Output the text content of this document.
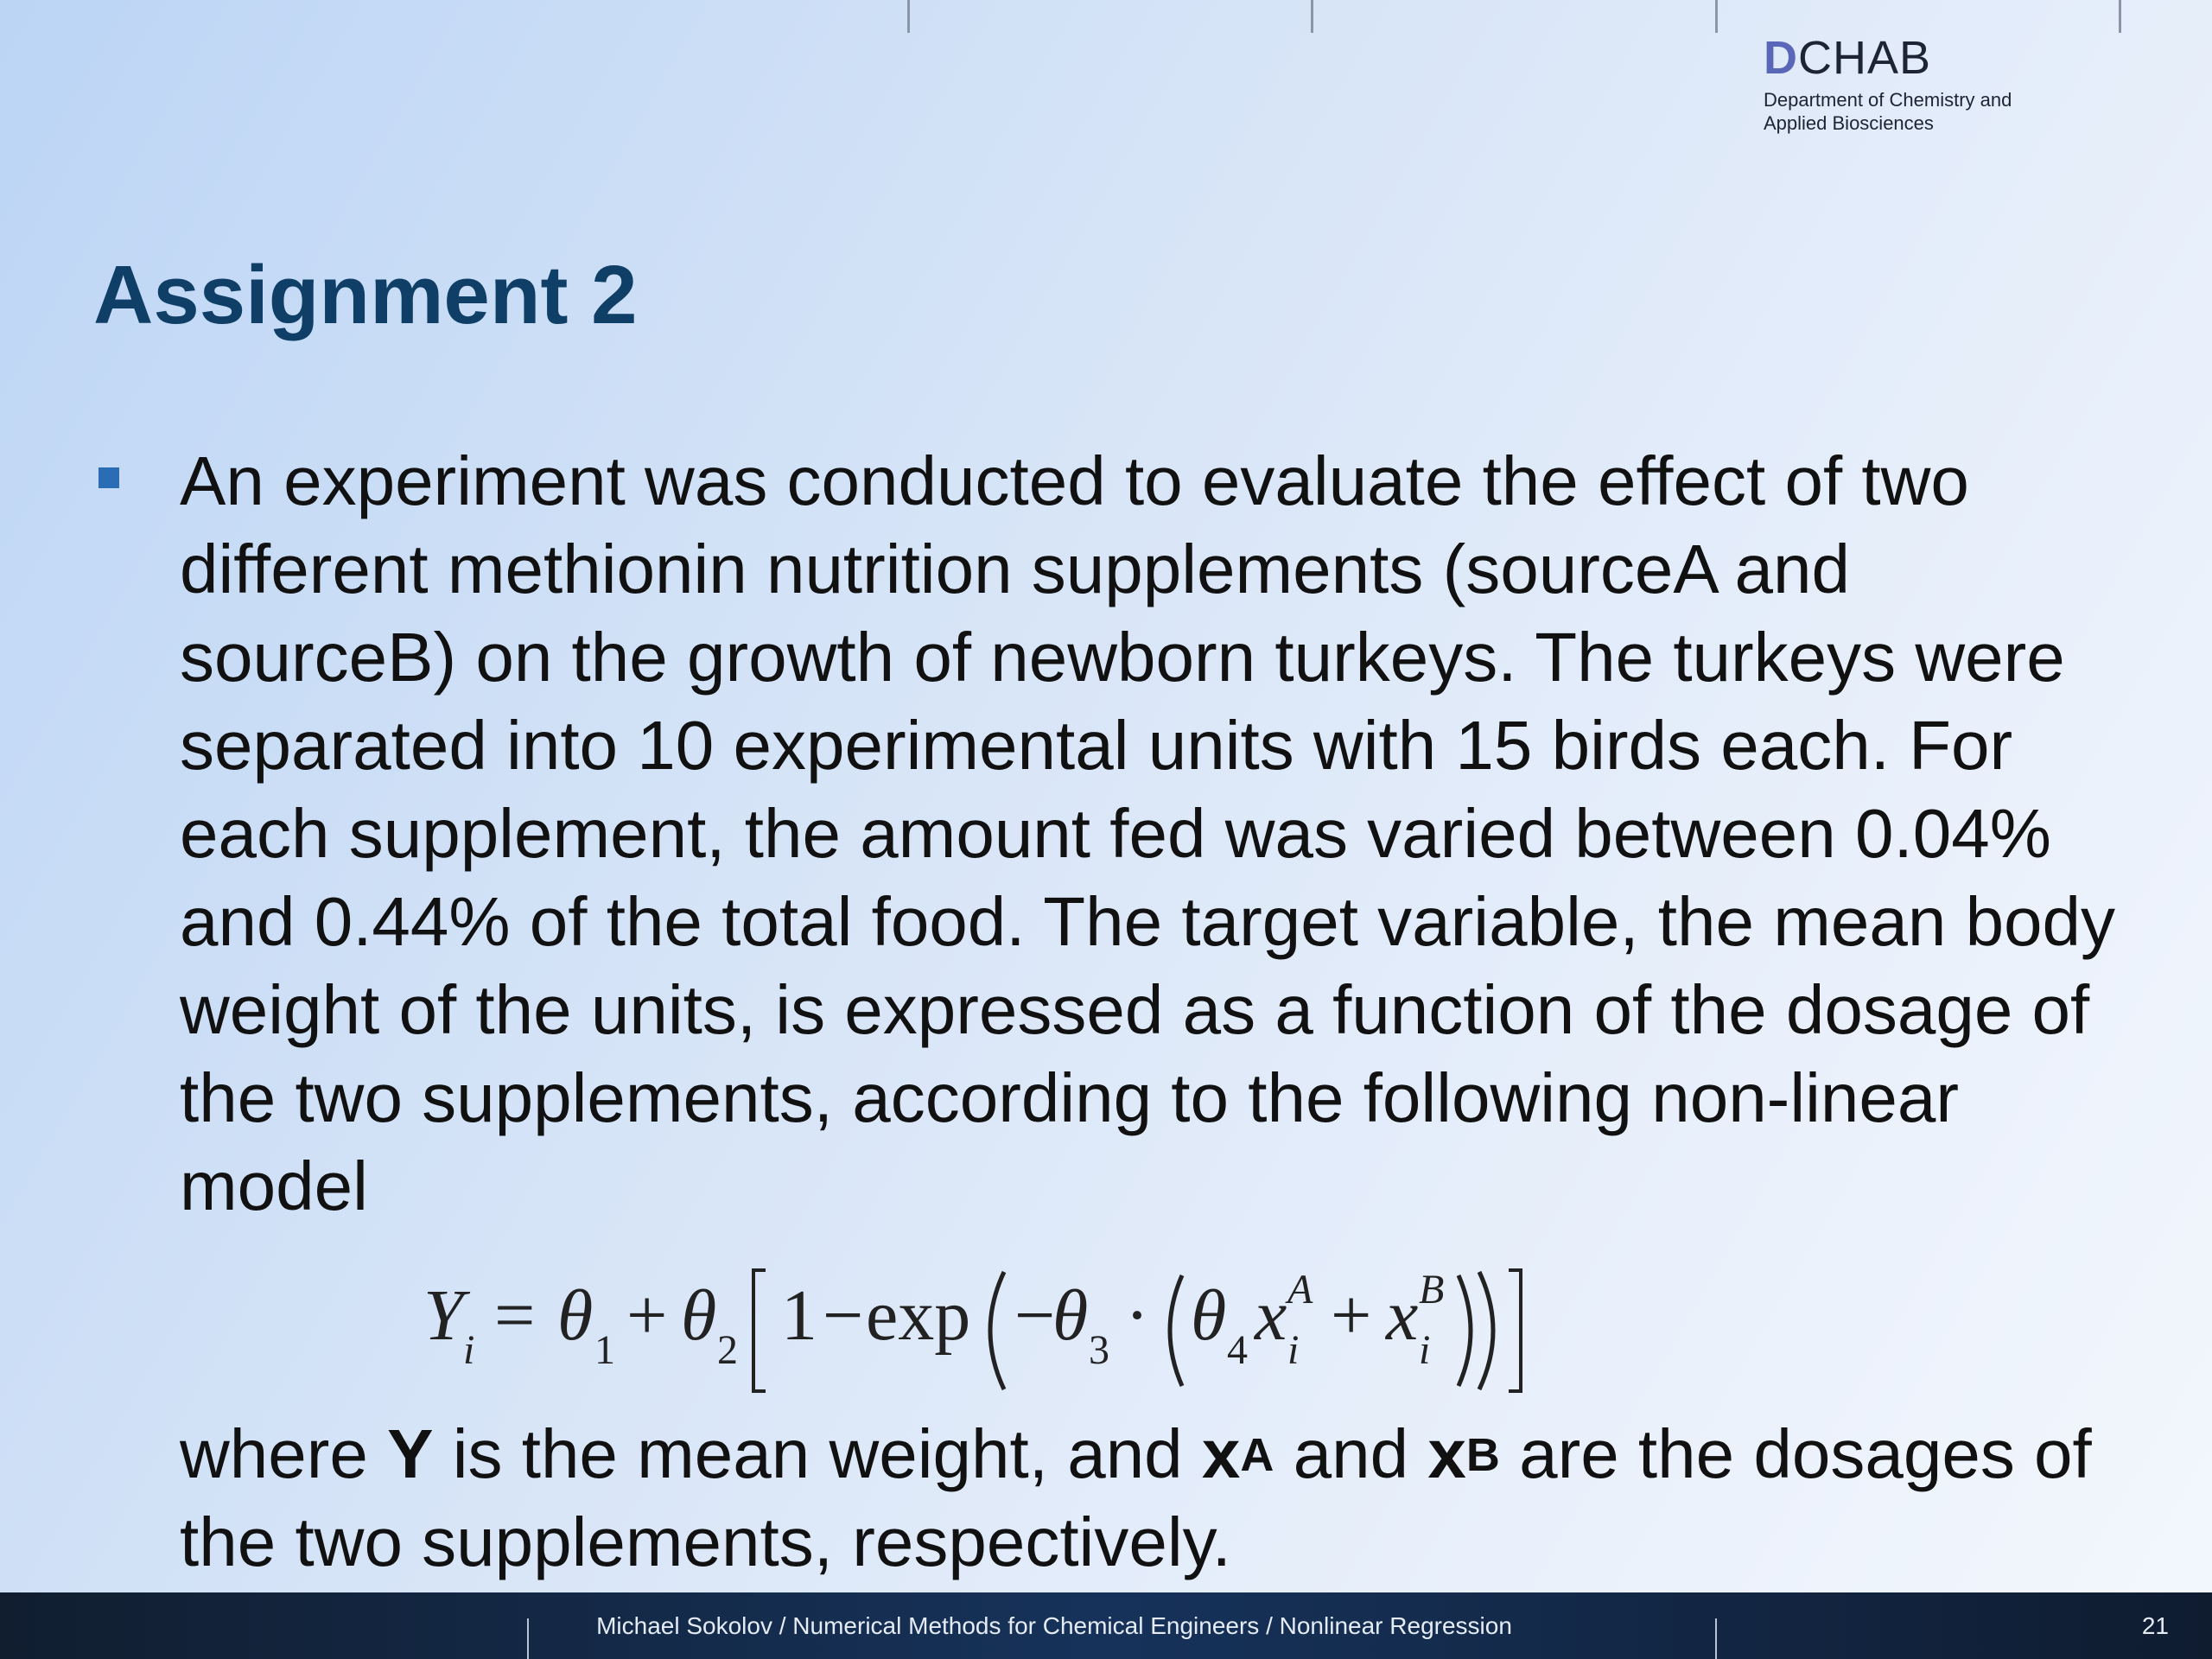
DCHAB
Department of Chemistry and
Applied Biosciences
Assignment 2

An experiment was conducted to evaluate the effect of two different methionin nutrition supplements (sourceA and sourceB) on the growth of newborn turkeys. The turkeys were separated into 10 experimental units with 15 birds each. For each supplement, the amount fed was varied between 0.04% and 0.44% of the total food. The target variable, the mean body weight of the units, is expressed as a function of the dosage of the two supplements, according to the following non-linear model

Y i = θ 1 + θ 2 1 − exp −
θ 3 · θ 4 x A
i + x B
i
where Y is the mean weight, and $x^A$ and $x^B$ are the dosages of the two supplements, respectively.
Michael Sokolov / Numerical Methods for Chemical Engineers / Nonlinear Regression	21
